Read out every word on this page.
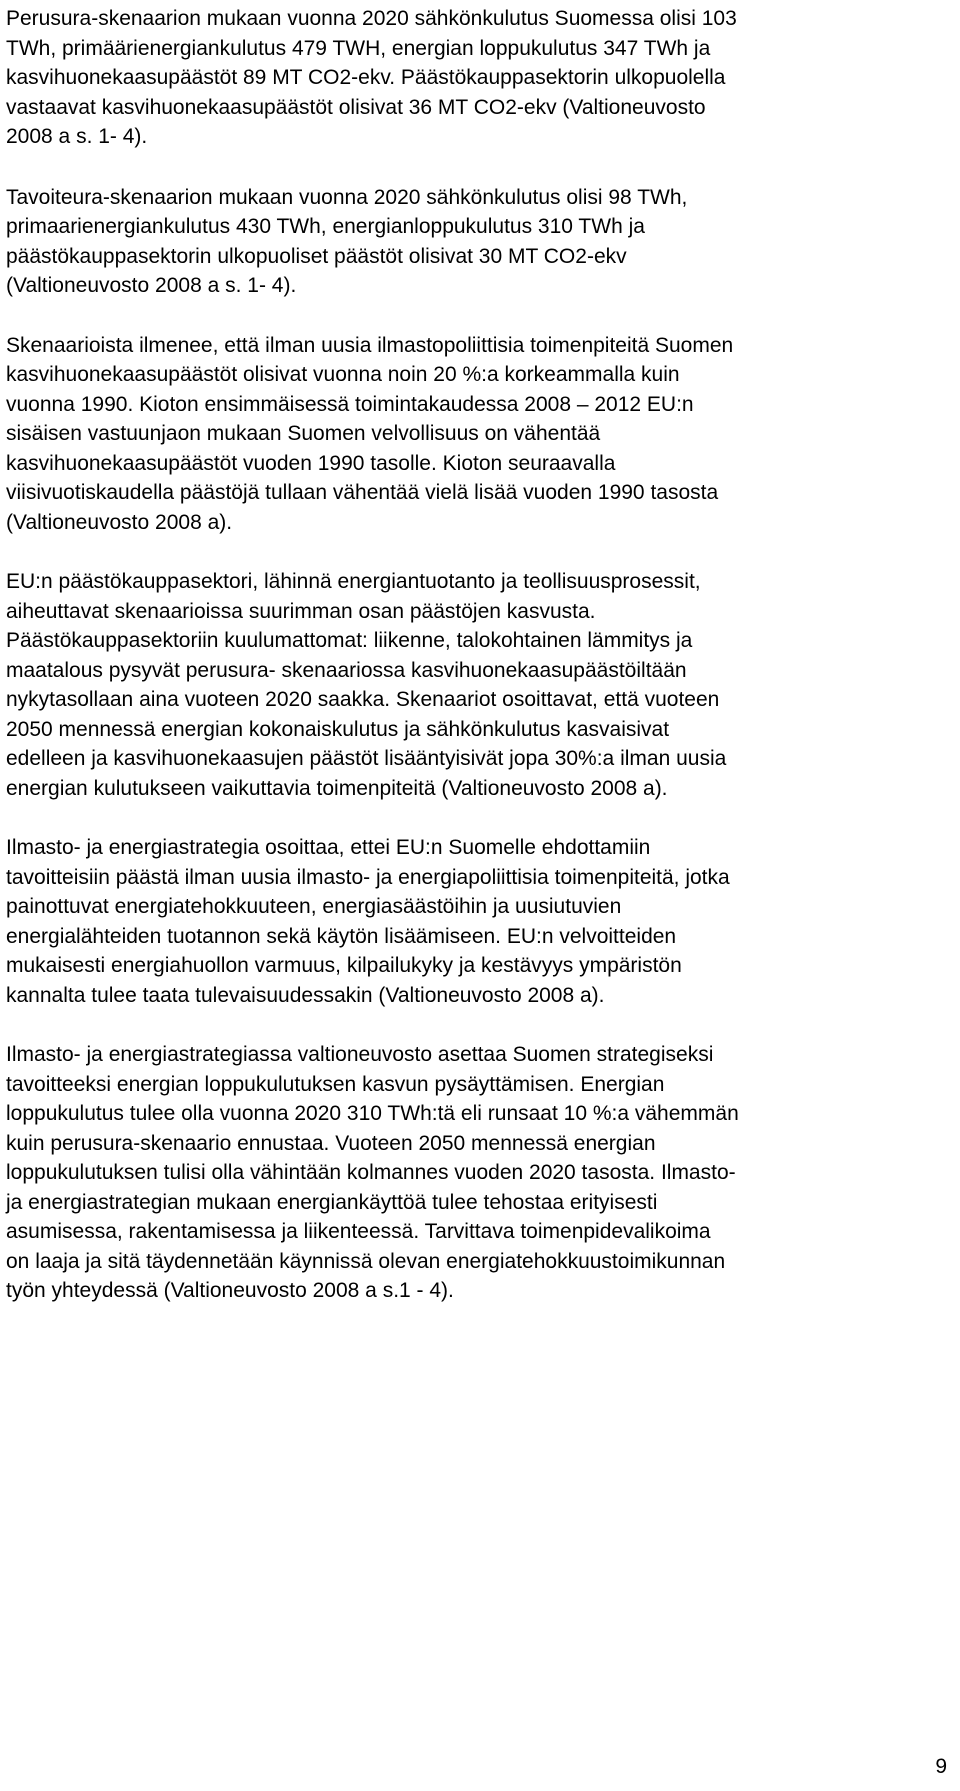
Perusura-skenaarion mukaan vuonna 2020 sähkönkulutus Suomessa olisi 103
TWh, primäärienergiankulutus 479 TWH, energian loppukulutus 347 TWh ja
kasvihuonekaasupäästöt 89 MT CO2-ekv. Päästökauppasektorin ulkopuolella
vastaavat kasvihuonekaasupäästöt olisivat 36 MT CO2-ekv (Valtioneuvosto
2008 a s. 1- 4).

Tavoiteura-skenaarion mukaan vuonna 2020 sähkönkulutus olisi 98 TWh,
primaarienergiankulutus 430 TWh, energianloppukulutus 310 TWh ja
päästökauppasektorin ulkopuoliset päästöt olisivat 30 MT CO2-ekv
(Valtioneuvosto 2008 a s. 1- 4).

Skenaarioista ilmenee, että ilman uusia ilmastopoliittisia toimenpiteitä Suomen
kasvihuonekaasupäästöt olisivat vuonna noin 20 %:a korkeammalla kuin
vuonna 1990. Kioton ensimmäisessä toimintakaudessa 2008 – 2012 EU:n
sisäisen vastuunjaon mukaan Suomen velvollisuus on vähentää
kasvihuonekaasupäästöt vuoden 1990 tasolle. Kioton seuraavalla
viisivuotiskaudella päästöjä tullaan vähentää vielä lisää vuoden 1990 tasosta
(Valtioneuvosto 2008 a).

EU:n päästökauppasektori, lähinnä energiantuotanto ja teollisuusprosessit,
aiheuttavat skenaarioissa suurimman osan päästöjen kasvusta.
Päästökauppasektoriin kuulumattomat: liikenne, talokohtainen lämmitys ja
maatalous pysyvät perusura- skenaariossa kasvihuonekaasupäästöiltään
nykytasollaan aina vuoteen 2020 saakka. Skenaariot osoittavat, että vuoteen
2050 mennessä energian kokonaiskulutus ja sähkönkulutus kasvaisivat
edelleen ja kasvihuonekaasujen päästöt lisääntyisivät jopa 30%:a ilman uusia
energian kulutukseen vaikuttavia toimenpiteitä (Valtioneuvosto 2008 a).

Ilmasto- ja energiastrategia osoittaa, ettei EU:n Suomelle ehdottamiin
tavoitteisiin päästä ilman uusia ilmasto- ja energiapoliittisia toimenpiteitä, jotka
painottuvat energiatehokkuuteen, energiasäästöihin ja uusiutuvien
energialähteiden tuotannon sekä käytön lisäämiseen. EU:n velvoitteiden
mukaisesti energiahuollon varmuus, kilpailukyky ja kestävyys ympäristön
kannalta tulee taata tulevaisuudessakin (Valtioneuvosto 2008 a).

Ilmasto- ja energiastrategiassa valtioneuvosto asettaa Suomen strategiseksi
tavoitteeksi energian loppukulutuksen kasvun pysäyttämisen. Energian
loppukulutus tulee olla vuonna 2020 310 TWh:tä eli runsaat 10 %:a vähemmän
kuin perusura-skenaario ennustaa. Vuoteen 2050 mennessä energian
loppukulutuksen tulisi olla vähintään kolmannes vuoden 2020 tasosta. Ilmasto-
ja energiastrategian mukaan energiankäyttöä tulee tehostaa erityisesti
asumisessa, rakentamisessa ja liikenteessä. Tarvittava toimenpidevalikoima
on laaja ja sitä täydennetään käynnissä olevan energiatehokkuustoimikunnan
työn yhteydessä (Valtioneuvosto 2008 a s.1 - 4).

9
